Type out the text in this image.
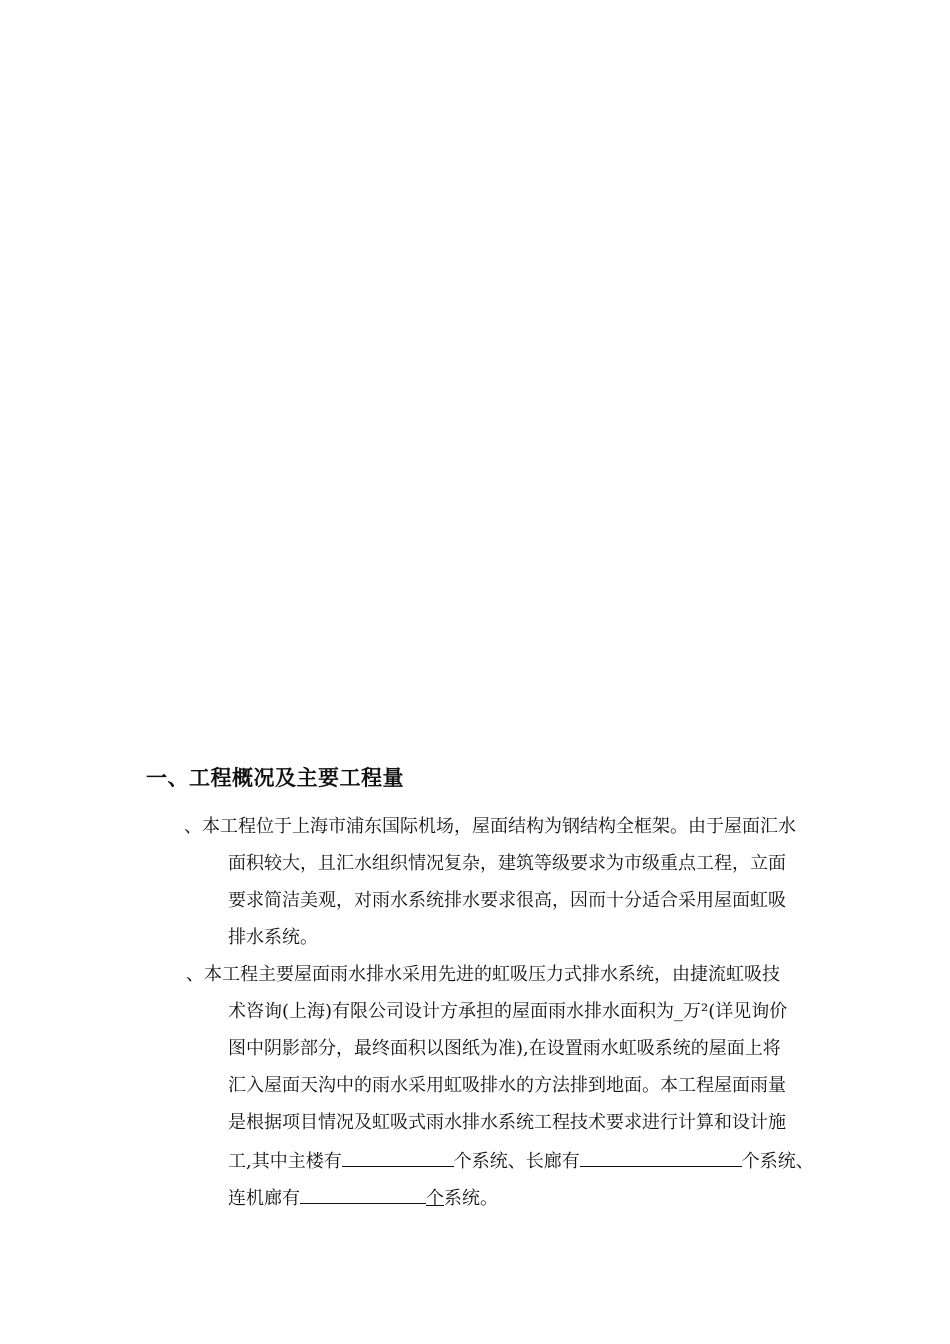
一、工程概况及主要工程量
、本工程位于上海市浦东国际机场，屋面结构为钢结构全框架。由于屋面汇水
面积较大，且汇水组织情况复杂，建筑等级要求为市级重点工程，立面
要求简洁美观，对雨水系统排水要求很高，因而十分适合采用屋面虹吸
排水系统。
、本工程主要屋面雨水排水采用先进的虹吸压力式排水系统，由捷流虹吸技
术咨询(上海)有限公司设计方承担的屋面雨水排水面积为_万²(详见询价
图中阴影部分，最终面积以图纸为准),在设置雨水虹吸系统的屋面上将
汇入屋面天沟中的雨水采用虹吸排水的方法排到地面。本工程屋面雨量
是根据项目情况及虹吸式雨水排水系统工程技术要求进行计算和设计施
工,其中主楼有	个系统、长廊有	个系统、
连机廊有	个系统。
